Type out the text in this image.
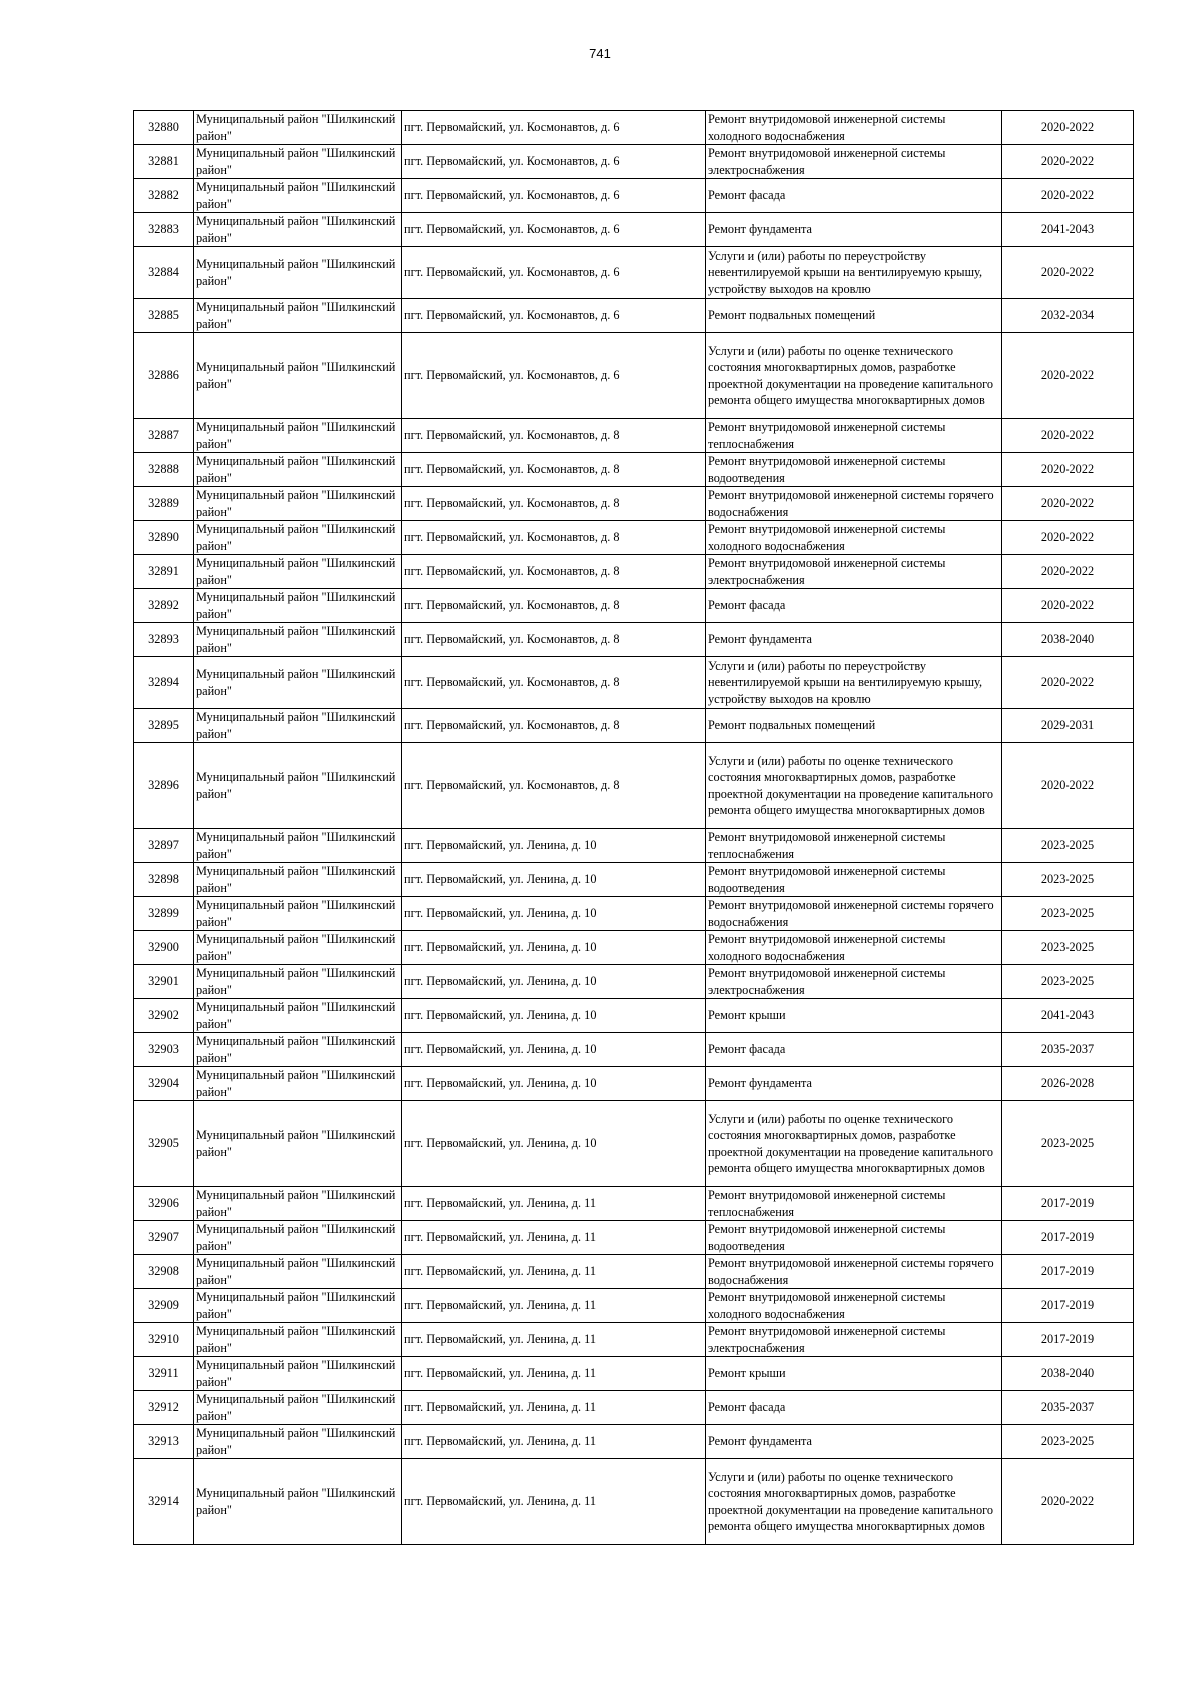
741
32880	Муниципальный район "Шилкинский район"	пгт. Первомайский, ул. Космонавтов, д. 6	Ремонт внутридомовой инженерной системы холодного водоснабжения	2020-2022
32881	Муниципальный район "Шилкинский район"	пгт. Первомайский, ул. Космонавтов, д. 6	Ремонт внутридомовой инженерной системы электроснабжения	2020-2022
32882	Муниципальный район "Шилкинский район"	пгт. Первомайский, ул. Космонавтов, д. 6	Ремонт фасада	2020-2022
32883	Муниципальный район "Шилкинский район"	пгт. Первомайский, ул. Космонавтов, д. 6	Ремонт фундамента	2041-2043
32884	Муниципальный район "Шилкинский район"	пгт. Первомайский, ул. Космонавтов, д. 6	Услуги и (или) работы по переустройству невентилируемой крыши на вентилируемую крышу, устройству выходов на кровлю	2020-2022
32885	Муниципальный район "Шилкинский район"	пгт. Первомайский, ул. Космонавтов, д. 6	Ремонт подвальных помещений	2032-2034
32886	Муниципальный район "Шилкинский район"	пгт. Первомайский, ул. Космонавтов, д. 6	Услуги и (или) работы по оценке технического состояния многоквартирных домов, разработке проектной документации на проведение капитального ремонта общего имущества многоквартирных домов	2020-2022
32887	Муниципальный район "Шилкинский район"	пгт. Первомайский, ул. Космонавтов, д. 8	Ремонт внутридомовой инженерной системы теплоснабжения	2020-2022
32888	Муниципальный район "Шилкинский район"	пгт. Первомайский, ул. Космонавтов, д. 8	Ремонт внутридомовой инженерной системы водоотведения	2020-2022
32889	Муниципальный район "Шилкинский район"	пгт. Первомайский, ул. Космонавтов, д. 8	Ремонт внутридомовой инженерной системы горячего водоснабжения	2020-2022
32890	Муниципальный район "Шилкинский район"	пгт. Первомайский, ул. Космонавтов, д. 8	Ремонт внутридомовой инженерной системы холодного водоснабжения	2020-2022
32891	Муниципальный район "Шилкинский район"	пгт. Первомайский, ул. Космонавтов, д. 8	Ремонт внутридомовой инженерной системы электроснабжения	2020-2022
32892	Муниципальный район "Шилкинский район"	пгт. Первомайский, ул. Космонавтов, д. 8	Ремонт фасада	2020-2022
32893	Муниципальный район "Шилкинский район"	пгт. Первомайский, ул. Космонавтов, д. 8	Ремонт фундамента	2038-2040
32894	Муниципальный район "Шилкинский район"	пгт. Первомайский, ул. Космонавтов, д. 8	Услуги и (или) работы по переустройству невентилируемой крыши на вентилируемую крышу, устройству выходов на кровлю	2020-2022
32895	Муниципальный район "Шилкинский район"	пгт. Первомайский, ул. Космонавтов, д. 8	Ремонт подвальных помещений	2029-2031
32896	Муниципальный район "Шилкинский район"	пгт. Первомайский, ул. Космонавтов, д. 8	Услуги и (или) работы по оценке технического состояния многоквартирных домов, разработке проектной документации на проведение капитального ремонта общего имущества многоквартирных домов	2020-2022
32897	Муниципальный район "Шилкинский район"	пгт. Первомайский, ул. Ленина, д. 10	Ремонт внутридомовой инженерной системы теплоснабжения	2023-2025
32898	Муниципальный район "Шилкинский район"	пгт. Первомайский, ул. Ленина, д. 10	Ремонт внутридомовой инженерной системы водоотведения	2023-2025
32899	Муниципальный район "Шилкинский район"	пгт. Первомайский, ул. Ленина, д. 10	Ремонт внутридомовой инженерной системы горячего водоснабжения	2023-2025
32900	Муниципальный район "Шилкинский район"	пгт. Первомайский, ул. Ленина, д. 10	Ремонт внутридомовой инженерной системы холодного водоснабжения	2023-2025
32901	Муниципальный район "Шилкинский район"	пгт. Первомайский, ул. Ленина, д. 10	Ремонт внутридомовой инженерной системы электроснабжения	2023-2025
32902	Муниципальный район "Шилкинский район"	пгт. Первомайский, ул. Ленина, д. 10	Ремонт крыши	2041-2043
32903	Муниципальный район "Шилкинский район"	пгт. Первомайский, ул. Ленина, д. 10	Ремонт фасада	2035-2037
32904	Муниципальный район "Шилкинский район"	пгт. Первомайский, ул. Ленина, д. 10	Ремонт фундамента	2026-2028
32905	Муниципальный район "Шилкинский район"	пгт. Первомайский, ул. Ленина, д. 10	Услуги и (или) работы по оценке технического состояния многоквартирных домов, разработке проектной документации на проведение капитального ремонта общего имущества многоквартирных домов	2023-2025
32906	Муниципальный район "Шилкинский район"	пгт. Первомайский, ул. Ленина, д. 11	Ремонт внутридомовой инженерной системы теплоснабжения	2017-2019
32907	Муниципальный район "Шилкинский район"	пгт. Первомайский, ул. Ленина, д. 11	Ремонт внутридомовой инженерной системы водоотведения	2017-2019
32908	Муниципальный район "Шилкинский район"	пгт. Первомайский, ул. Ленина, д. 11	Ремонт внутридомовой инженерной системы горячего водоснабжения	2017-2019
32909	Муниципальный район "Шилкинский район"	пгт. Первомайский, ул. Ленина, д. 11	Ремонт внутридомовой инженерной системы холодного водоснабжения	2017-2019
32910	Муниципальный район "Шилкинский район"	пгт. Первомайский, ул. Ленина, д. 11	Ремонт внутридомовой инженерной системы электроснабжения	2017-2019
32911	Муниципальный район "Шилкинский район"	пгт. Первомайский, ул. Ленина, д. 11	Ремонт крыши	2038-2040
32912	Муниципальный район "Шилкинский район"	пгт. Первомайский, ул. Ленина, д. 11	Ремонт фасада	2035-2037
32913	Муниципальный район "Шилкинский район"	пгт. Первомайский, ул. Ленина, д. 11	Ремонт фундамента	2023-2025
32914	Муниципальный район "Шилкинский район"	пгт. Первомайский, ул. Ленина, д. 11	Услуги и (или) работы по оценке технического состояния многоквартирных домов, разработке проектной документации на проведение капитального ремонта общего имущества многоквартирных домов	2020-2022
